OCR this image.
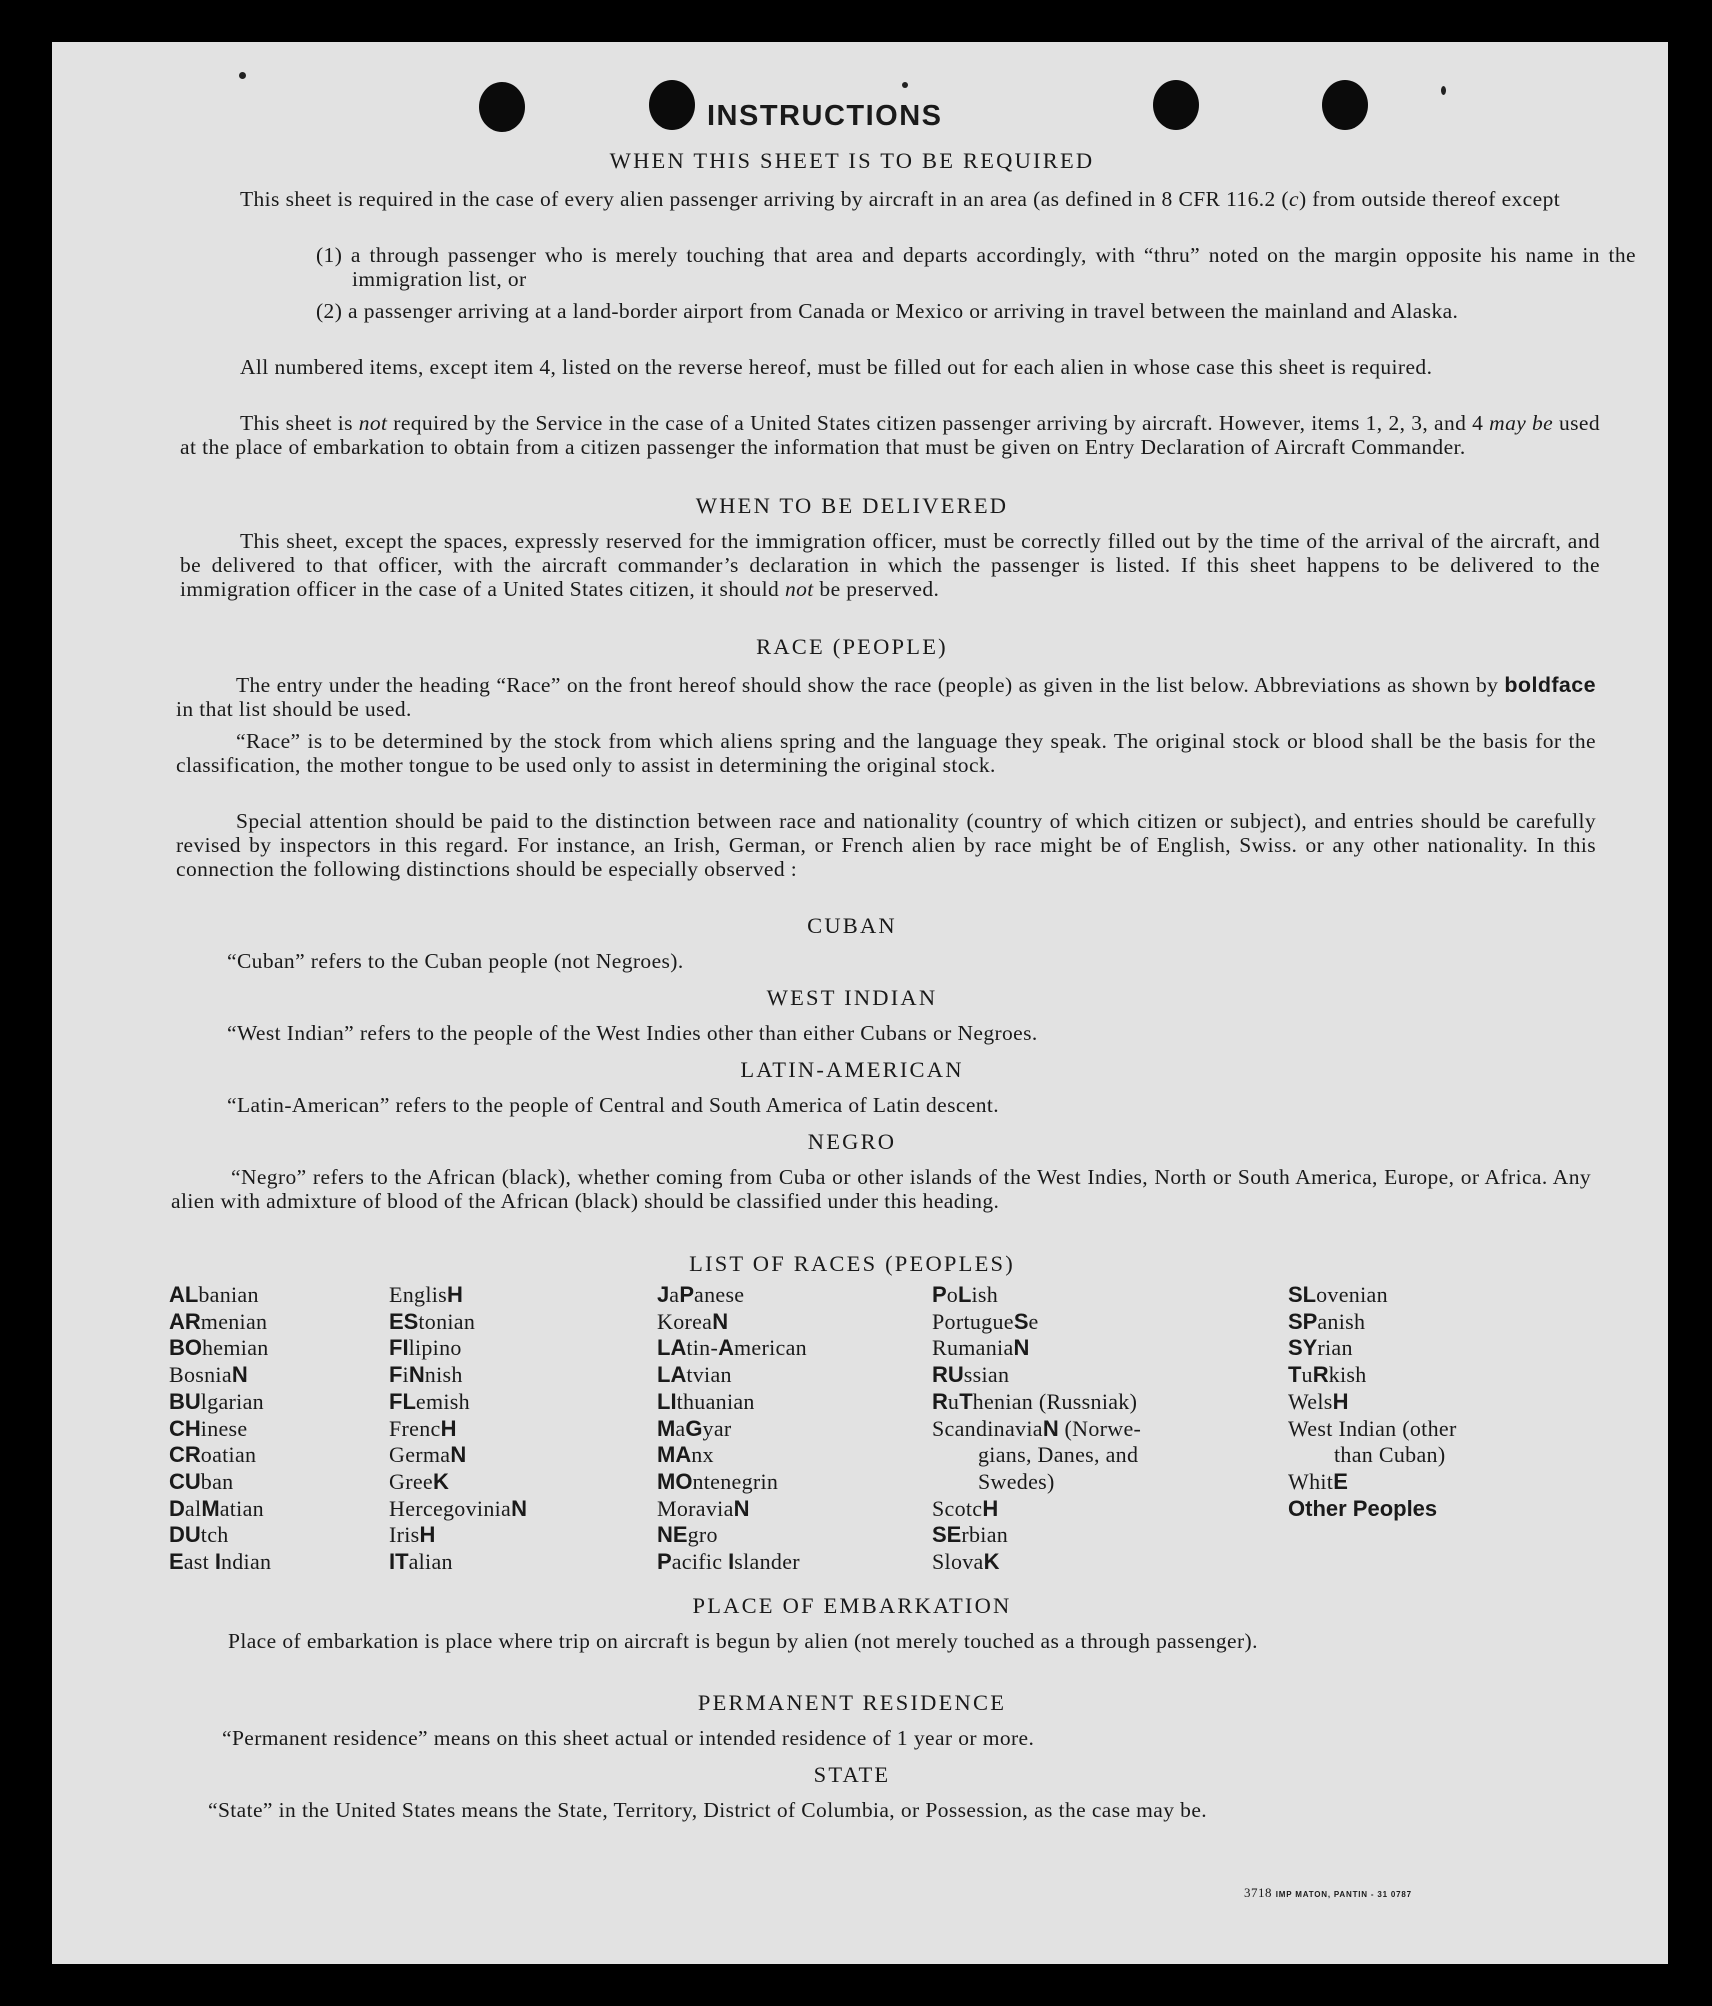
INSTRUCTIONS
WHEN THIS SHEET IS TO BE REQUIRED

This sheet is required in the case of every alien passenger arriving by aircraft in an area (as defined in 8 CFR 116.2 (c) from outside thereof except

(1) a through passenger who is merely touching that area and departs accordingly, with “thru” noted on the margin opposite his name in the immigration list, or

(2) a passenger arriving at a land-border airport from Canada or Mexico or arriving in travel between the mainland and Alaska.

All numbered items, except item 4, listed on the reverse hereof, must be filled out for each alien in whose case this sheet is required.

This sheet is not required by the Service in the case of a United States citizen passenger arriving by aircraft. However, items 1, 2, 3, and 4 may be used at the place of embarkation to obtain from a citizen passenger the information that must be given on Entry Declaration of Aircraft Commander.

WHEN TO BE DELIVERED

This sheet, except the spaces, expressly reserved for the immigration officer, must be correctly filled out by the time of the arrival of the aircraft, and be delivered to that officer, with the aircraft commander’s declaration in which the passenger is listed. If this sheet happens to be delivered to the immigration officer in the case of a United States citizen, it should not be preserved.

RACE (PEOPLE)

The entry under the heading “Race” on the front hereof should show the race (people) as given in the list below. Abbreviations as shown by boldface in that list should be used.

“Race” is to be determined by the stock from which aliens spring and the language they speak. The original stock or blood shall be the basis for the classification, the mother tongue to be used only to assist in determining the original stock.

Special attention should be paid to the distinction between race and nationality (country of which citizen or subject), and entries should be carefully revised by inspectors in this regard. For instance, an Irish, German, or French alien by race might be of English, Swiss. or any other nationality. In this connection the following distinctions should be especially observed :

CUBAN

“Cuban” refers to the Cuban people (not Negroes).

WEST INDIAN

“West Indian” refers to the people of the West Indies other than either Cubans or Negroes.

LATIN-AMERICAN

“Latin-American” refers to the people of Central and South America of Latin descent.

NEGRO

“Negro” refers to the African (black), whether coming from Cuba or other islands of the West Indies, North or South America, Europe, or Africa. Any alien with admixture of blood of the African (black) should be classified under this heading.

LIST OF RACES (PEOPLES)
ALbanian
ARmenian
BOhemian
BosniaN
BUlgarian
CHinese
CRoatian
CUban
DalMatian
DUtch
East Indian
EnglisH
EStonian
FIlipino
FiNnish
FLemish
FrencH
GermaN
GreeK
HercegoviniaN
IrisH
ITalian
JaPanese
KoreaN
LAtin-American
LAtvian
LIthuanian
MaGyar
MAnx
MOntenegrin
MoraviaN
NEgro
Pacific Islander
PoLish
PortugueSe
RumaniaN
RUssian
RuThenian (Russniak)
ScandinaviaN (Norwe-
gians, Danes, and
Swedes)
ScotcH
SErbian
SlovaK
SLovenian
SPanish
SYrian
TuRkish
WelsH
West Indian (other
than Cuban)
WhitE
Other Peoples
PLACE OF EMBARKATION

Place of embarkation is place where trip on aircraft is begun by alien (not merely touched as a through passenger).

PERMANENT RESIDENCE

“Permanent residence” means on this sheet actual or intended residence of 1 year or more.

STATE

“State” in the United States means the State, Territory, District of Columbia, or Possession, as the case may be.

3718 IMP MATON, PANTIN - 31 0787
